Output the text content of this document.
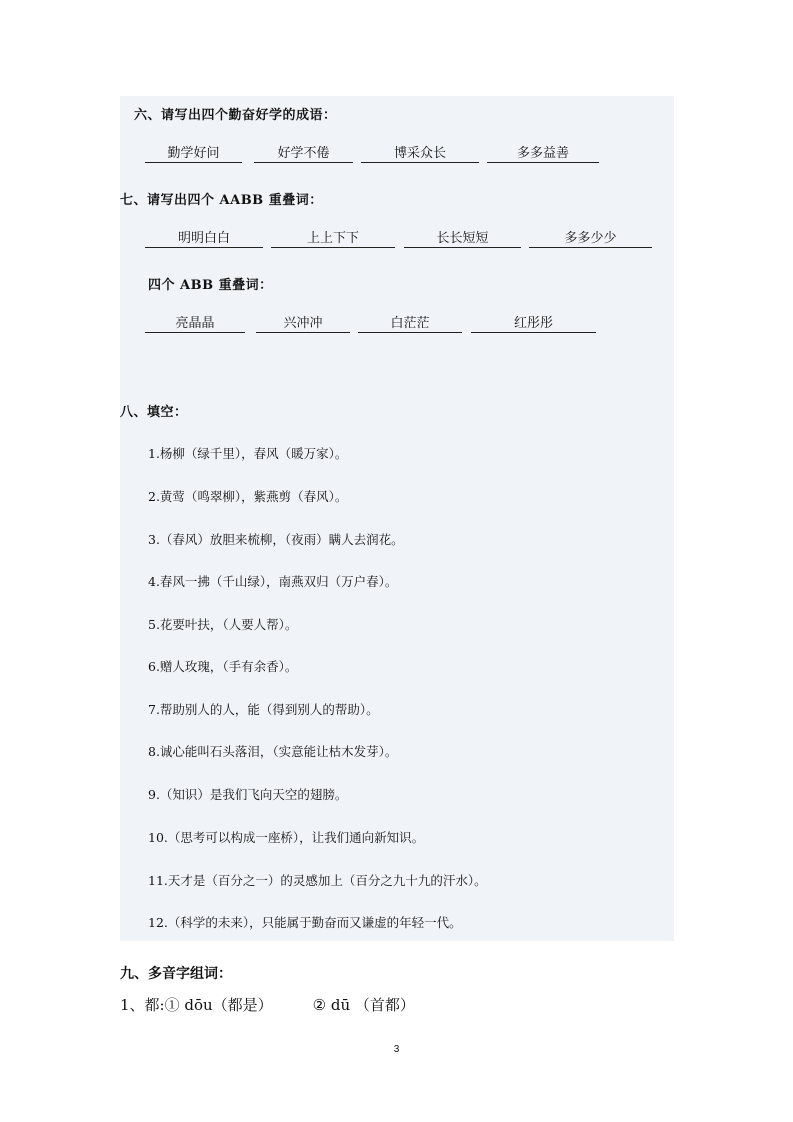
六、请写出四个勤奋好学的成语：
勤学好问	好学不倦	博采众长	多多益善
七、请写出四个 AABB 重叠词：
明明白白	上上下下	长长短短	多多少少
四个 ABB 重叠词：
亮晶晶	兴冲冲	白茫茫	红彤彤
八、填空：
1.杨柳（绿千里），春风（暖万家）。
2.黄莺（鸣翠柳），紫燕剪（春风）。
3.（春风）放胆来梳柳，（夜雨）瞒人去润花。
4.春风一拂（千山绿），南燕双归（万户春）。
5.花要叶扶，（人要人帮）。
6.赠人玫瑰，（手有余香）。
7.帮助别人的人，能（得到别人的帮助）。
8.诚心能叫石头落泪，（实意能让枯木发芽）。
9.（知识）是我们飞向天空的翅膀。
10.（思考可以构成一座桥），让我们通向新知识。
11.天才是（百分之一）的灵感加上（百分之九十九的汗水）。
12.（科学的未来），只能属于勤奋而又谦虚的年轻一代。
九、多音字组词：
1、都:① dōu（都是）	② dū （首都）
3
